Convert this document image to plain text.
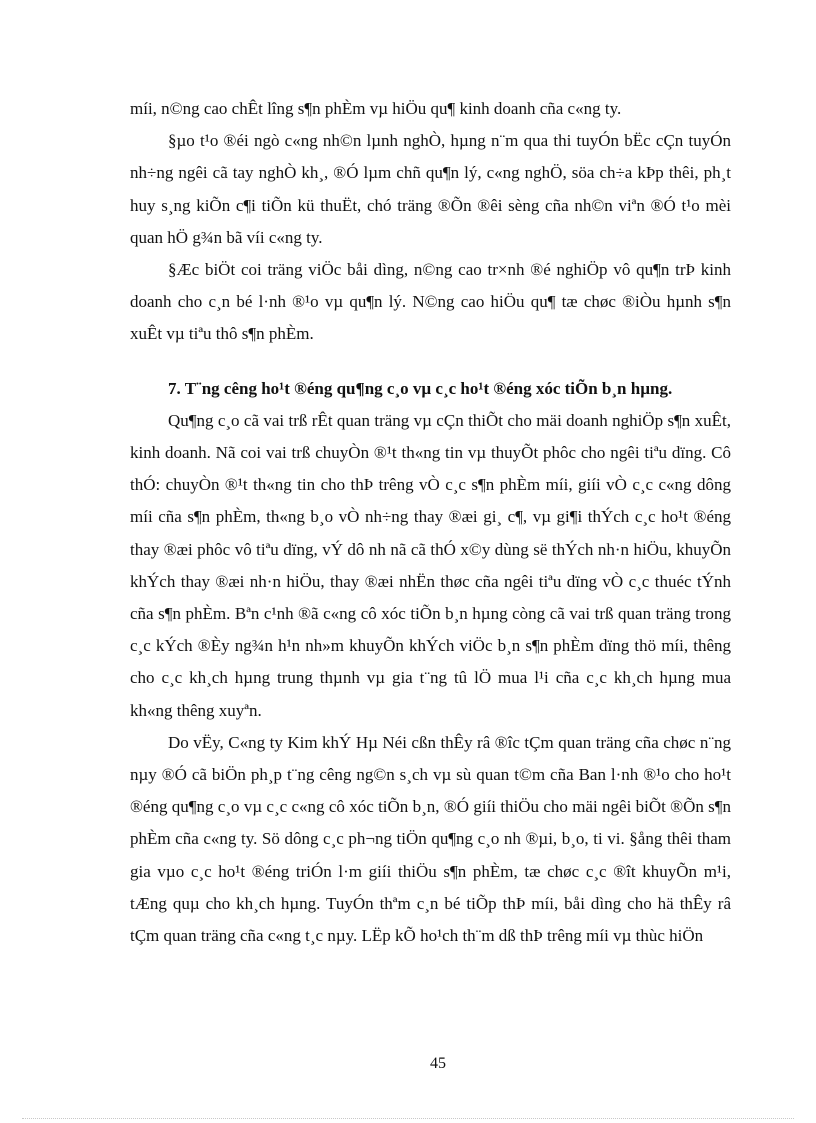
míi, n©ng cao chÊt lîng s¶n phÈm vµ hiÖu qu¶ kinh doanh cña c«ng ty.

§µo t¹o ®éi ngò c«ng nh©n lµnh nghÒ, hµng n¨m qua thi tuyÓn bËc cÇn tuyÓn nh÷ng ngêi cã tay nghÒ kh¸, ®Ó lµm chñ qu¶n lý, c«ng nghÖ, söa ch÷a kÞp thêi, ph¸t huy s¸ng kiÕn c¶i tiÕn kü thuËt, chó träng ®Õn ®êi sèng cña nh©n viªn ®Ó t¹o mèi quan hÖ g¾n bã víi c«ng ty.

§Æc biÖt coi träng viÖc båi dìng, n©ng cao tr×nh ®é nghiÖp vô qu¶n trÞ kinh doanh cho c¸n bé l·nh ®¹o vµ qu¶n lý. N©ng cao hiÖu qu¶ tæ chøc ®iÒu hµnh s¶n xuÊt vµ tiªu thô s¶n phÈm.

7. T¨ng cêng ho¹t ®éng qu¶ng c¸o vµ c¸c ho¹t ®éng xóc tiÕn b¸n hµng.

Qu¶ng c¸o cã vai trß rÊt quan träng vµ cÇn thiÕt cho mäi doanh nghiÖp s¶n xuÊt, kinh doanh. Nã coi vai trß chuyÒn ®¹t th«ng tin vµ thuyÕt phôc cho ngêi tiªu dïng. Cô thÓ: chuyÒn ®¹t th«ng tin cho thÞ trêng vÒ c¸c s¶n phÈm míi, giíi vÒ c¸c c«ng dông míi cña s¶n phÈm, th«ng b¸o vÒ nh÷ng thay ®æi gi¸ c¶, vµ gi¶i thÝch c¸c ho¹t ®éng thay ®æi phôc vô tiªu dïng, vÝ dô nh nã cã thÓ x©y dùng së thÝch nh·n hiÖu, khuyÕn khÝch thay ®æi nh·n hiÖu, thay ®æi nhËn thøc cña ngêi tiªu dïng vÒ c¸c thuéc tÝnh cña s¶n phÈm. Bªn c¹nh ®ã c«ng cô xóc tiÕn b¸n hµng còng cã vai trß quan träng trong c¸c kÝch ®Èy ng¾n h¹n nh»m khuyÕn khÝch viÖc b¸n s¶n phÈm dïng thö míi, thêng cho c¸c kh¸ch hµng trung thµnh vµ gia t¨ng tû lÖ mua l¹i cña c¸c kh¸ch hµng mua kh«ng thêng xuyªn.

Do vËy, C«ng ty Kim khÝ Hµ Néi cßn thÊy râ ®îc tÇm quan träng cña chøc n¨ng nµy ®Ó cã biÖn ph¸p t¨ng cêng ng©n s¸ch vµ sù quan t©m cña Ban l·nh ®¹o cho ho¹t ®éng qu¶ng c¸o vµ c¸c c«ng cô xóc tiÕn b¸n, ®Ó giíi thiÖu cho mäi ngêi biÕt ®Õn s¶n phÈm cña c«ng ty. Sö dông c¸c ph¬ng tiÖn qu¶ng c¸o nh ®µi, b¸o, ti vi. §ång thêi tham gia vµo c¸c ho¹t ®éng triÓn l·m giíi thiÖu s¶n phÈm, tæ chøc c¸c ®ît khuyÕn m¹i, tÆng quµ cho kh¸ch hµng. TuyÓn thªm c¸n bé tiÕp thÞ míi, båi dìng cho hä thÊy râ tÇm quan träng cña c«ng t¸c nµy. LËp kÕ ho¹ch th¨m dß thÞ trêng míi vµ thùc hiÖn

45
